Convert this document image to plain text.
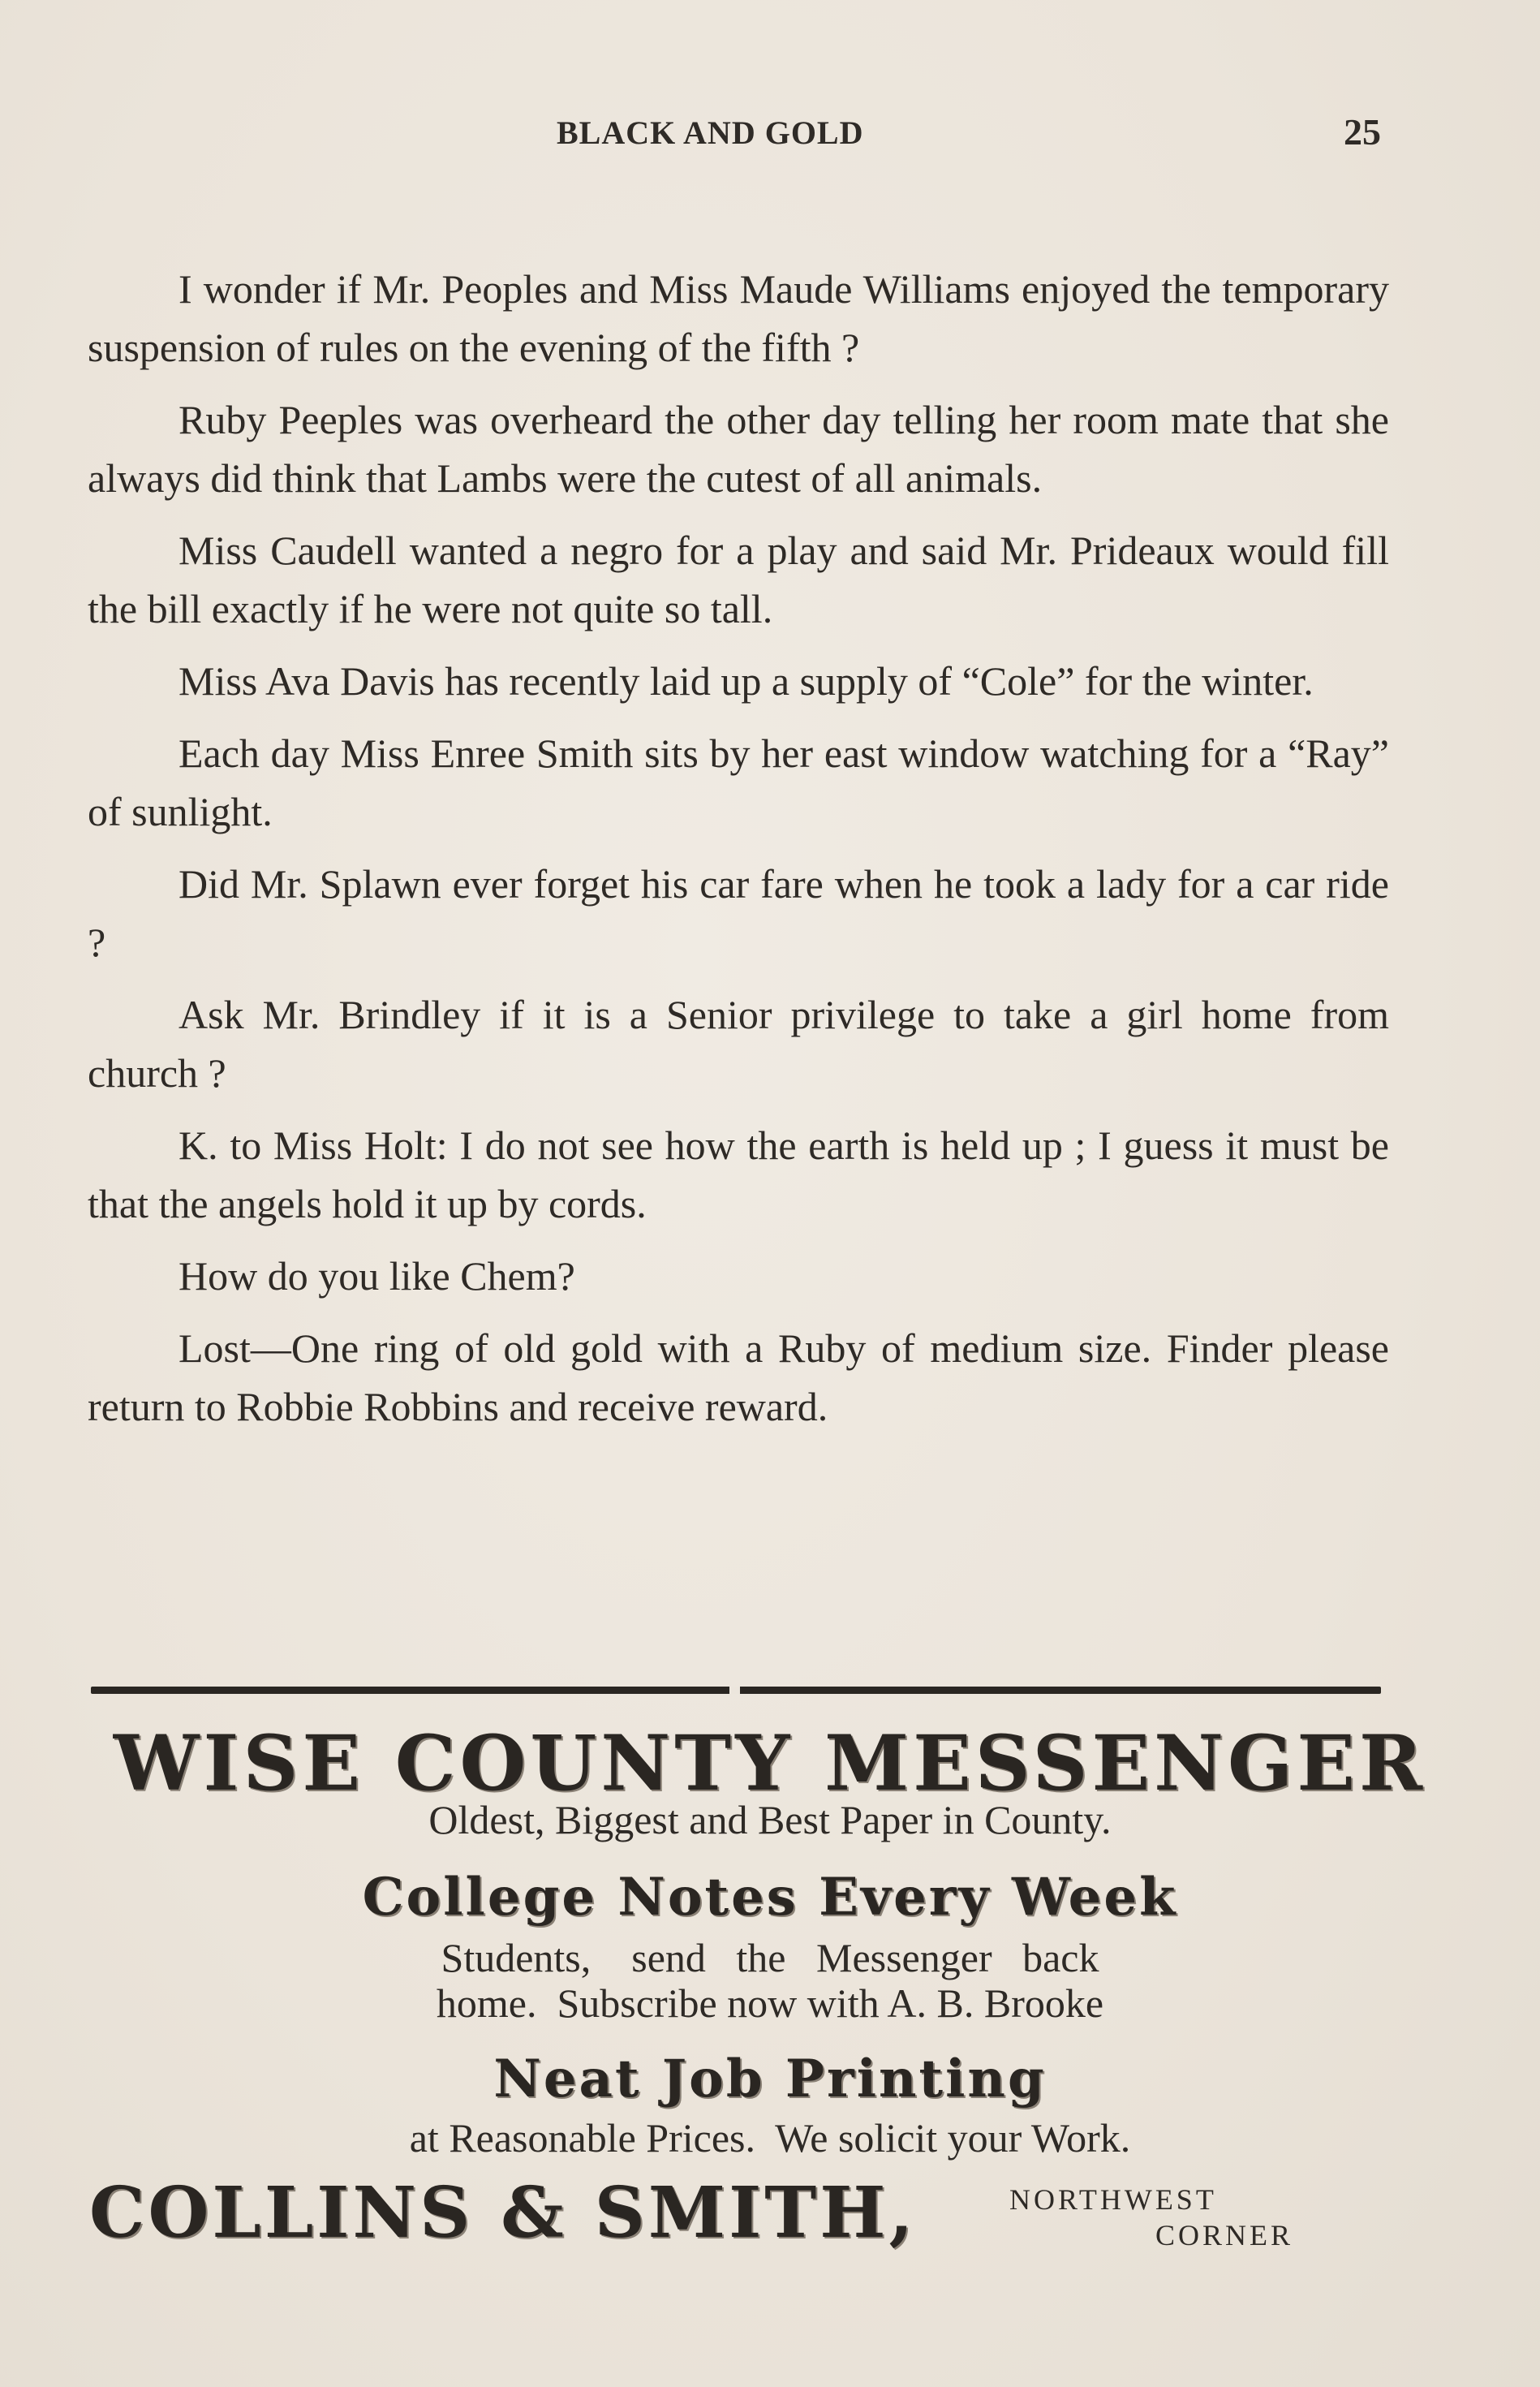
BLACK AND GOLD	25

I wonder if Mr. Peoples and Miss Maude Williams enjoyed the temporary suspension of rules on the evening of the fifth ?

Ruby Peeples was overheard the other day telling her room mate that she always did think that Lambs were the cutest of all animals.

Miss Caudell wanted a negro for a play and said Mr. Prideaux would fill the bill exactly if he were not quite so tall.

Miss Ava Davis has recently laid up a supply of “Cole” for the winter.

Each day Miss Enree Smith sits by her east window watching for a “Ray” of sunlight.

Did Mr. Splawn ever forget his car fare when he took a lady for a car ride ?

Ask Mr. Brindley if it is a Senior privilege to take a girl home from church ?

K. to Miss Holt: I do not see how the earth is held up ; I guess it must be that the angels hold it up by cords.

How do you like Chem?

Lost—One ring of old gold with a Ruby of medium size. Finder please return to Robbie Robbins and receive reward.

WISE COUNTY MESSENGER
Oldest, Biggest and Best Paper in County.
College Notes Every Week
Students,    send   the   Messenger   back
home.  Subscribe now with A. B. Brooke
Neat Job Printing
at Reasonable Prices.  We solicit your Work.
COLLINS & SMITH,	NORTHWEST
CORNER
